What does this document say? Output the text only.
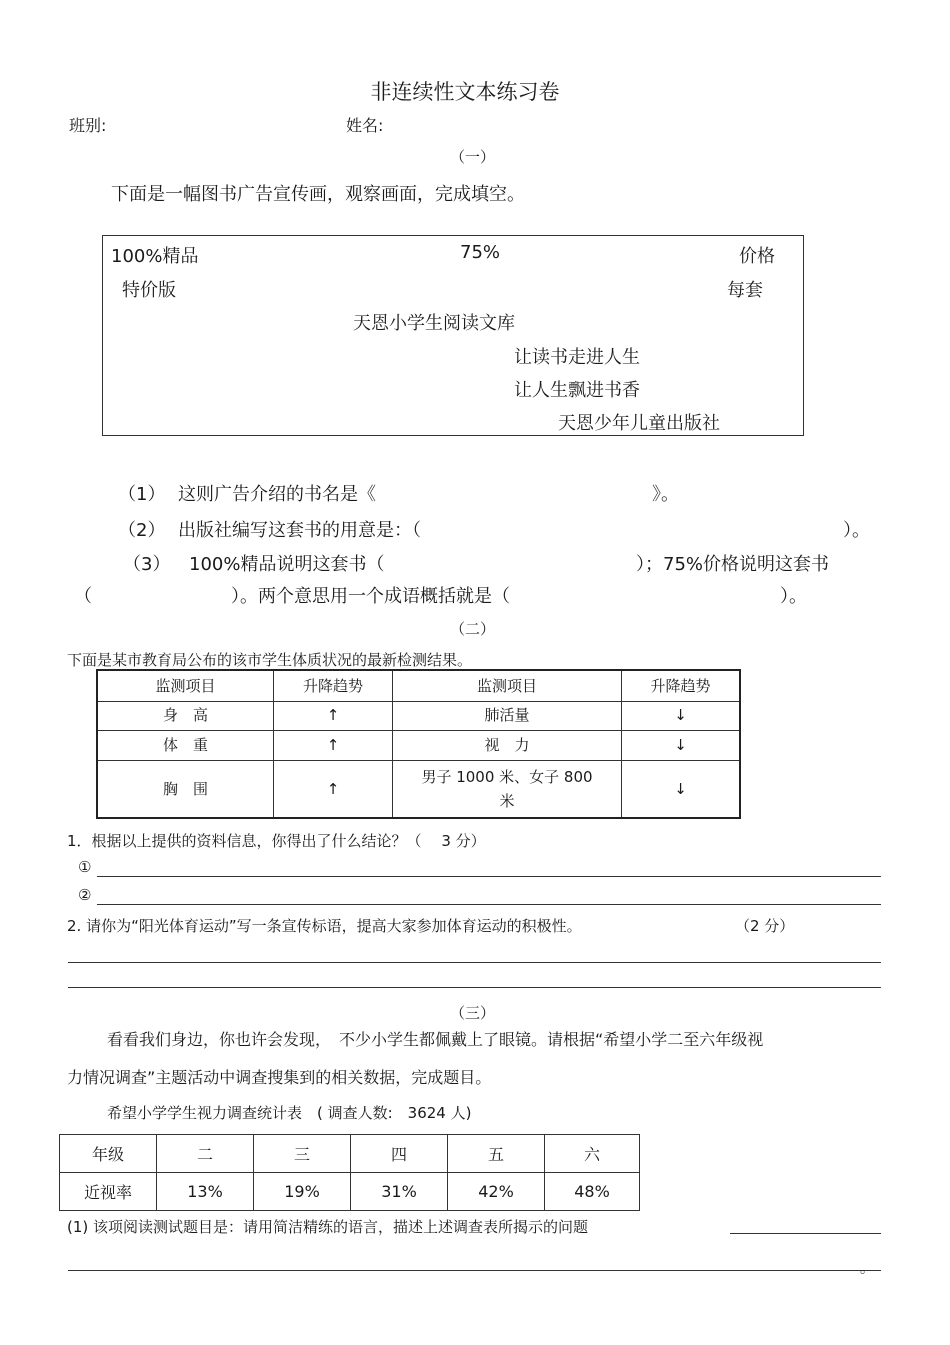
非连续性文本练习卷
班别:	姓名:
（一）
下面是一幅图书广告宣传画，观察画面，完成填空。
100%精品	75%	价格
特价版	每套
天恩小学生阅读文库
让读书走进人生
让人生飘进书香
天恩少年儿童出版社
（1） 这则广告介绍的书名是《	》。
（2） 出版社编写这套书的用意是：（	）。
（3） 100%精品说明这套书（	）；75%价格说明这套书
（	）。两个意思用一个成语概括就是（	）。
（二）
下面是某市教育局公布的该市学生体质状况的最新检测结果。
监测项目	升降趋势	监测项目	升降趋势
身　高	↑	肺活量	↓
体　重	↑	视　力	↓
胸　围	↑	男子 1000 米、女子 800 米	↓
1．根据以上提供的资料信息，你得出了什么结论？（　 3 分）
①
②
2. 请你为“阳光体育运动”写一条宣传标语，提高大家参加体育运动的积极性。	（2 分）
（三）
看看我们身边，你也许会发现，　不少小学生都佩戴上了眼镜。请根据“希望小学二至六年级视
力情况调查”主题活动中调查搜集到的相关数据，完成题目。
希望小学学生视力调查统计表　( 调查人数:　3624 人)
年级	二	三	四	五	六
近视率	13%	19%	31%	42%	48%
(1) 该项阅读测试题目是：请用简洁精练的语言，描述上述调查表所揭示的问题
。
